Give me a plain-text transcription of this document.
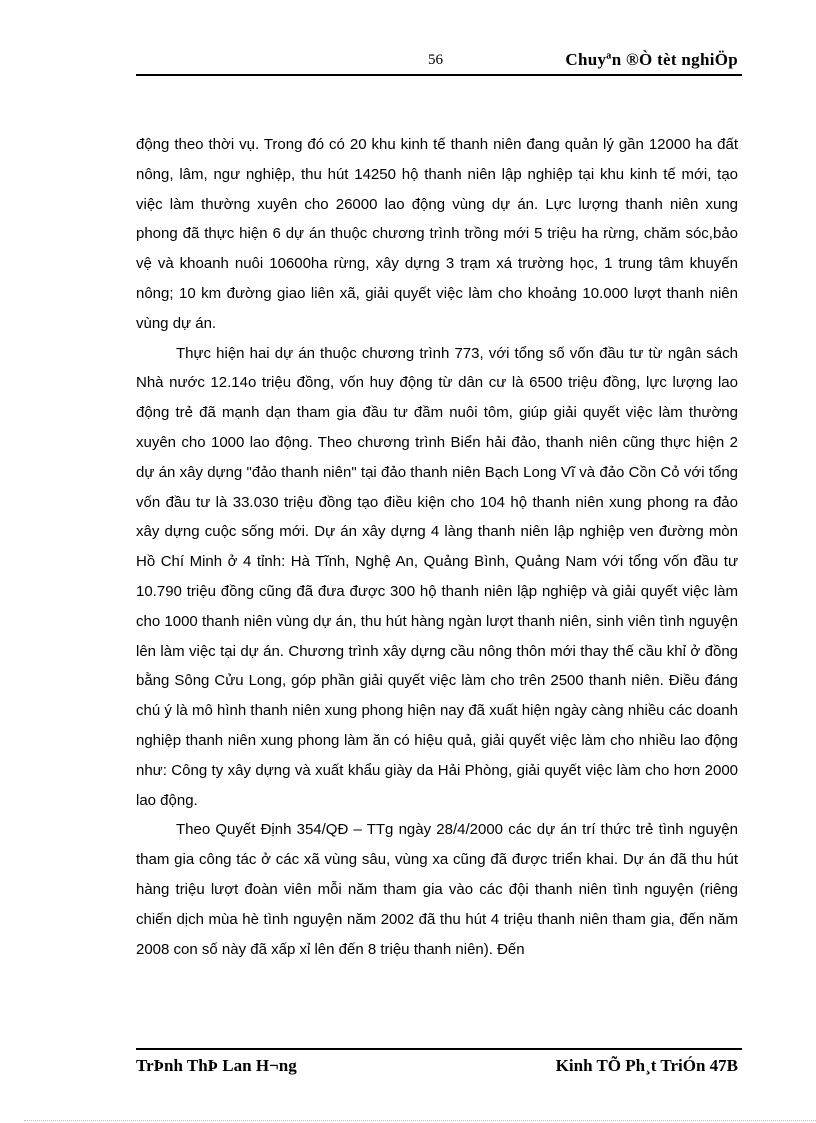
56	Chuyªn ®Ò tèt nghiÖp

động theo thời vụ. Trong đó có 20 khu kinh tế thanh niên đang quản lý gần 12000 ha đất nông, lâm, ngư nghiệp, thu hút 14250 hộ thanh niên lập nghiệp tại khu kinh tế mới, tạo việc làm thường xuyên cho 26000 lao động vùng dự án. Lực lượng thanh niên xung phong đã thực hiện 6 dự án thuộc chương trình trồng mới 5 triệu ha rừng, chăm sóc,bảo vệ và khoanh nuôi 10600ha rừng, xây dựng 3 trạm xá trường học, 1 trung tâm khuyến nông; 10 km đường giao liên xã, giải quyết việc làm cho khoảng 10.000 lượt thanh niên vùng dự án.

Thực hiện hai dự án thuộc chương trình 773, với tổng số vốn đầu tư từ ngân sách Nhà nước 12.14o triệu đồng, vốn huy động từ dân cư là 6500 triệu đồng, lực lượng lao động trẻ đã mạnh dạn tham gia đầu tư đầm nuôi tôm, giúp giải quyết việc làm thường xuyên cho 1000 lao động. Theo chương trình Biển hải đảo, thanh niên cũng thực hiện 2 dự án xây dựng "đảo thanh niên" tại đảo thanh niên Bạch Long Vĩ và đảo Cồn Cỏ với tổng vốn đầu tư là 33.030 triệu đồng tạo điều kiện cho 104 hộ thanh niên xung phong ra đảo xây dựng cuộc sống mới. Dự án xây dựng 4 làng thanh niên lập nghiệp ven đường mòn Hồ Chí Minh ở 4 tỉnh: Hà Tĩnh, Nghệ An, Quảng Bình, Quảng Nam với tổng vốn đầu tư 10.790 triệu đồng cũng đã đưa được 300 hộ thanh niên lập nghiệp và giải quyết việc làm cho 1000 thanh niên vùng dự án, thu hút hàng ngàn lượt thanh niên, sinh viên tình nguyện lên làm việc tại dự án. Chương trình xây dựng cầu nông thôn mới thay thế cầu khỉ ở đồng bằng Sông Cửu Long, góp phần giải quyết việc làm cho trên 2500 thanh niên. Điều đáng chú ý là mô hình thanh niên xung phong hiện nay đã xuất hiện ngày càng nhiều các doanh nghiệp thanh niên xung phong làm ăn có hiệu quả, giải quyết việc làm cho nhiều lao động như: Công ty xây dựng và xuất khẩu giày da Hải Phòng, giải quyết việc làm cho hơn 2000 lao động.

Theo Quyết Định 354/QĐ – TTg ngày 28/4/2000 các dự án trí thức trẻ tình nguyện tham gia công tác ở các xã vùng sâu, vùng xa cũng đã được triển khai. Dự án đã thu hút hàng triệu lượt đoàn viên mỗi năm tham gia vào các đội thanh niên tình nguyện (riêng chiến dịch mùa hè tình nguyện năm 2002 đã thu hút 4 triệu thanh niên tham gia, đến năm 2008 con số này đã xấp xỉ lên đến 8 triệu thanh niên). Đến

TrÞnh ThÞ Lan H¬ng	Kinh TÕ Ph¸t TriÓn 47B
